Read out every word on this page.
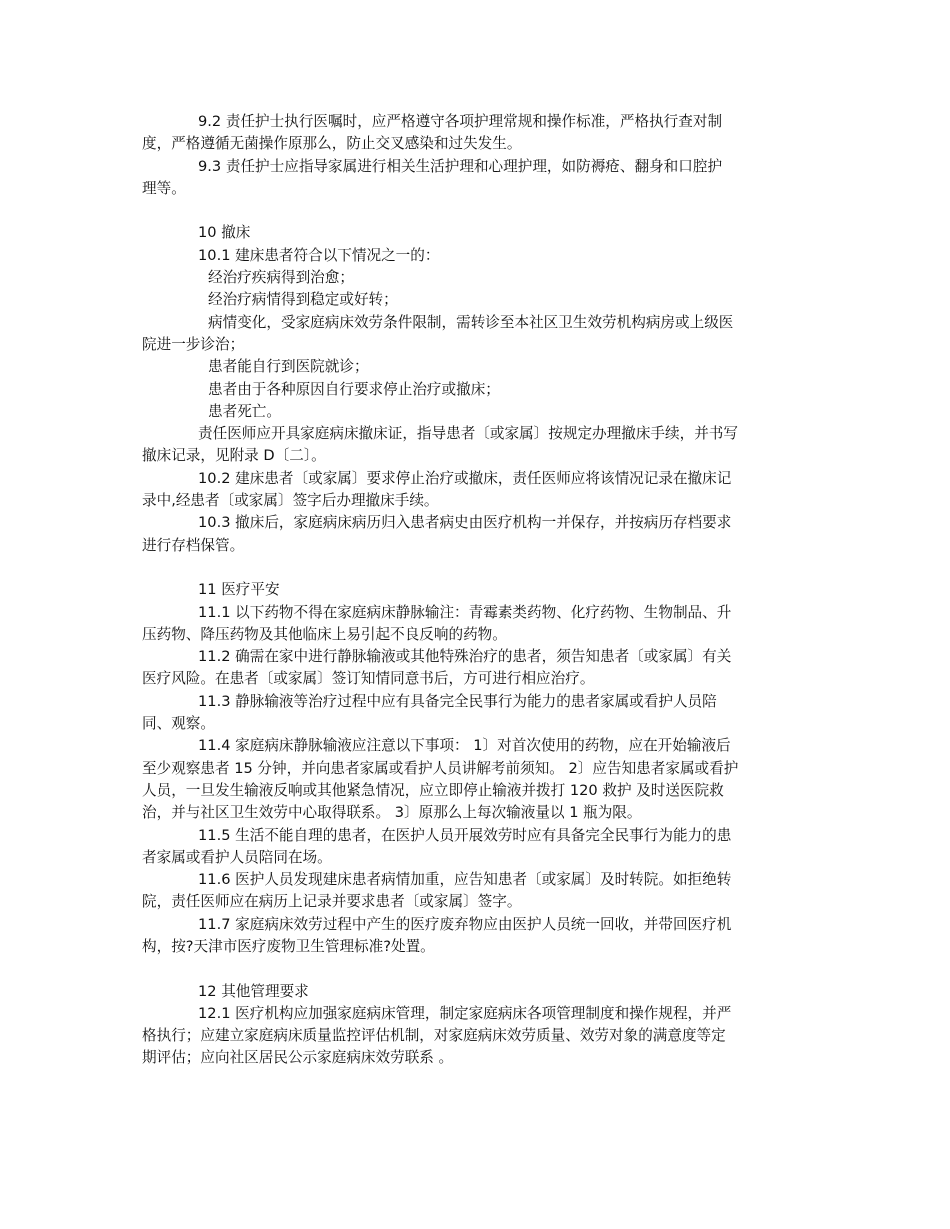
9.2 责任护士执行医嘱时，应严格遵守各项护理常规和操作标准，严格执行查对制
度，严格遵循无菌操作原那么，防止交叉感染和过失发生。
9.3 责任护士应指导家属进行相关生活护理和心理护理，如防褥疮、翻身和口腔护
理等。
10 撤床
10.1 建床患者符合以下情况之一的：
经治疗疾病得到治愈；
经治疗病情得到稳定或好转；
病情变化，受家庭病床效劳条件限制，需转诊至本社区卫生效劳机构病房或上级医
院进一步诊治；
患者能自行到医院就诊；
患者由于各种原因自行要求停止治疗或撤床；
患者死亡。
责任医师应开具家庭病床撤床证，指导患者〔或家属〕按规定办理撤床手续，并书写
撤床记录，见附录 D〔二〕。
10.2 建床患者〔或家属〕要求停止治疗或撤床，责任医师应将该情况记录在撤床记
录中,经患者〔或家属〕签字后办理撤床手续。
10.3 撤床后，家庭病床病历归入患者病史由医疗机构一并保存，并按病历存档要求
进行存档保管。
11 医疗平安
11.1 以下药物不得在家庭病床静脉输注：青霉素类药物、化疗药物、生物制品、升
压药物、降压药物及其他临床上易引起不良反响的药物。
11.2 确需在家中进行静脉输液或其他特殊治疗的患者，须告知患者〔或家属〕有关
医疗风险。在患者〔或家属〕签订知情同意书后，方可进行相应治疗。
11.3 静脉输液等治疗过程中应有具备完全民事行为能力的患者家属或看护人员陪
同、观察。
11.4 家庭病床静脉输液应注意以下事项： 1〕对首次使用的药物，应在开始输液后
至少观察患者 15 分钟，并向患者家属或看护人员讲解考前须知。 2〕应告知患者家属或看护
人员，一旦发生输液反响或其他紧急情况，应立即停止输液并拨打 120 救护 及时送医院救
治，并与社区卫生效劳中心取得联系。 3〕原那么上每次输液量以 1 瓶为限。
11.5 生活不能自理的患者，在医护人员开展效劳时应有具备完全民事行为能力的患
者家属或看护人员陪同在场。
11.6 医护人员发现建床患者病情加重，应告知患者〔或家属〕及时转院。如拒绝转
院，责任医师应在病历上记录并要求患者〔或家属〕签字。
11.7 家庭病床效劳过程中产生的医疗废弃物应由医护人员统一回收，并带回医疗机
构，按?天津市医疗废物卫生管理标准?处置。
12 其他管理要求
12.1 医疗机构应加强家庭病床管理，制定家庭病床各项管理制度和操作规程，并严
格执行；应建立家庭病床质量监控评估机制，对家庭病床效劳质量、效劳对象的满意度等定
期评估；应向社区居民公示家庭病床效劳联系 。
